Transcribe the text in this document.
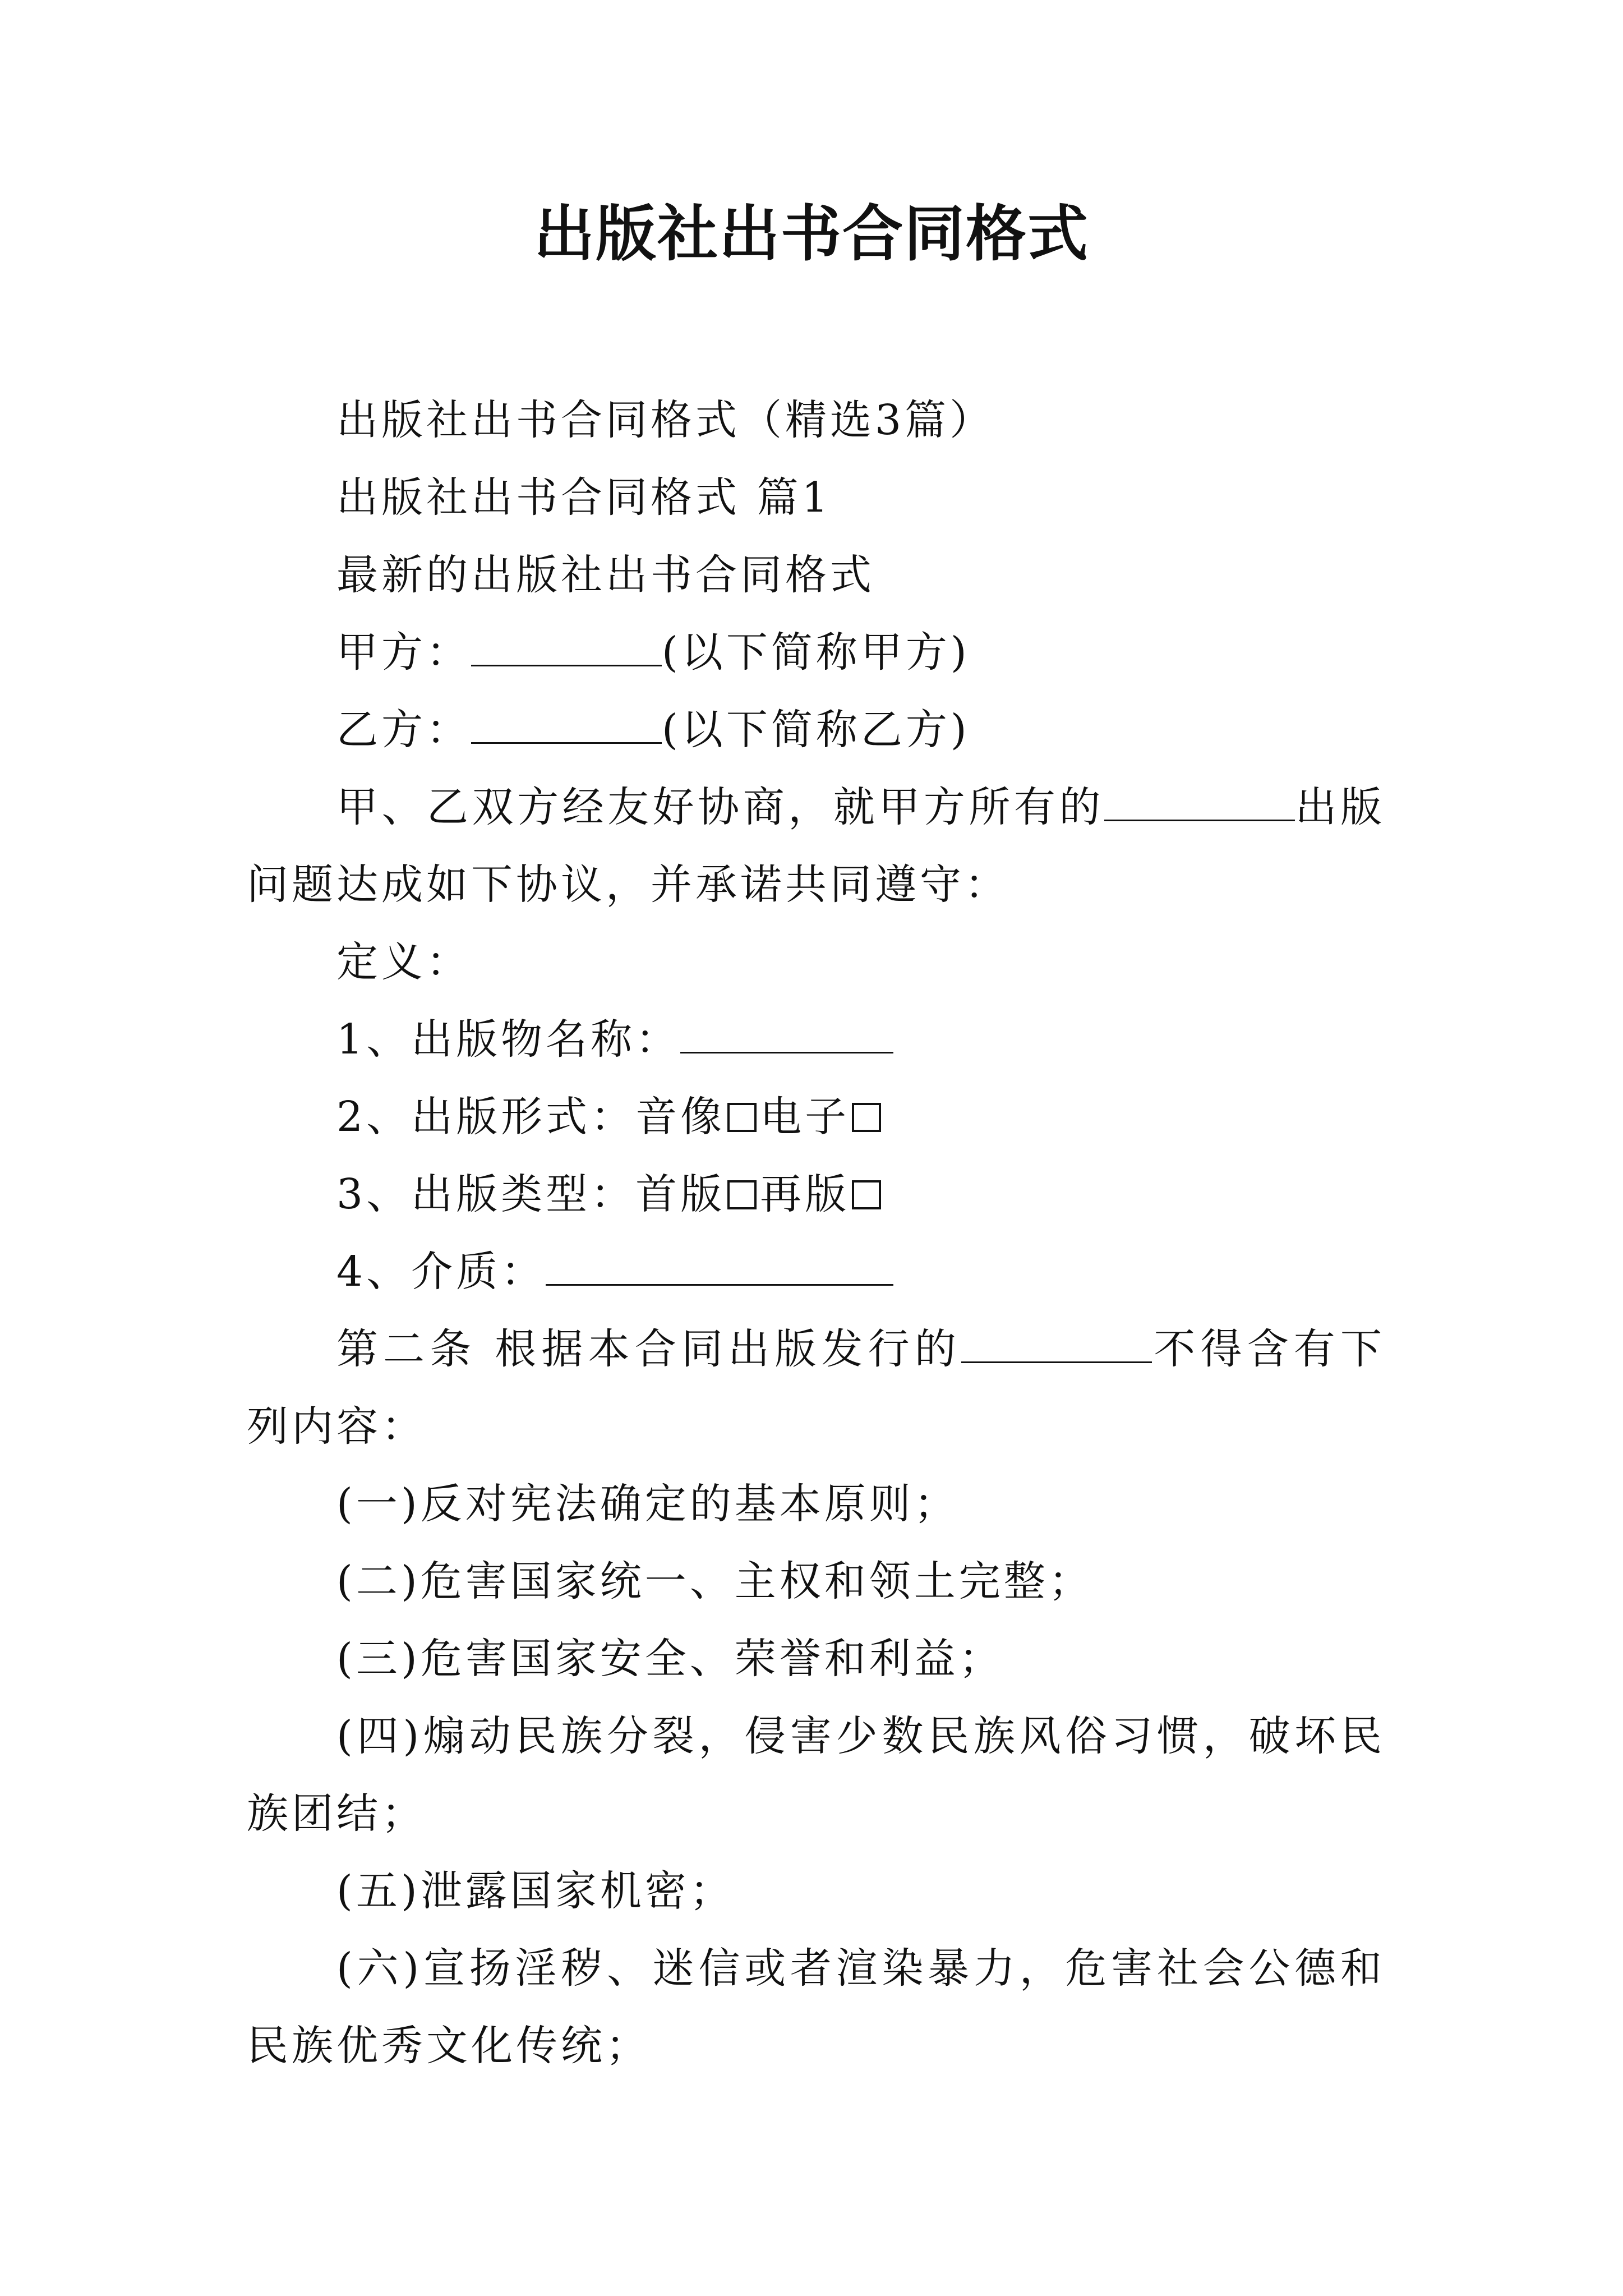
出版社出书合同格式

出版社出书合同格式（精选3篇）

出版社出书合同格式 篇1

最新的出版社出书合同格式

甲方：	(以下简称甲方)

乙方：	(以下简称乙方)

甲、乙双方经友好协商，就甲方所有的	出版问题达成如下协议，并承诺共同遵守：

定义：

1、出版物名称：

2、出版形式：音像 电子

3、出版类型：首版 再版

4、介质：

第二条 根据本合同出版发行的	不得含有下列内容：

(一)反对宪法确定的基本原则；

(二)危害国家统一、主权和领土完整；

(三)危害国家安全、荣誉和利益；

(四)煽动民族分裂，侵害少数民族风俗习惯，破坏民族团结；

(五)泄露国家机密；

(六)宣扬淫秽、迷信或者渲染暴力，危害社会公德和民族优秀文化传统；
